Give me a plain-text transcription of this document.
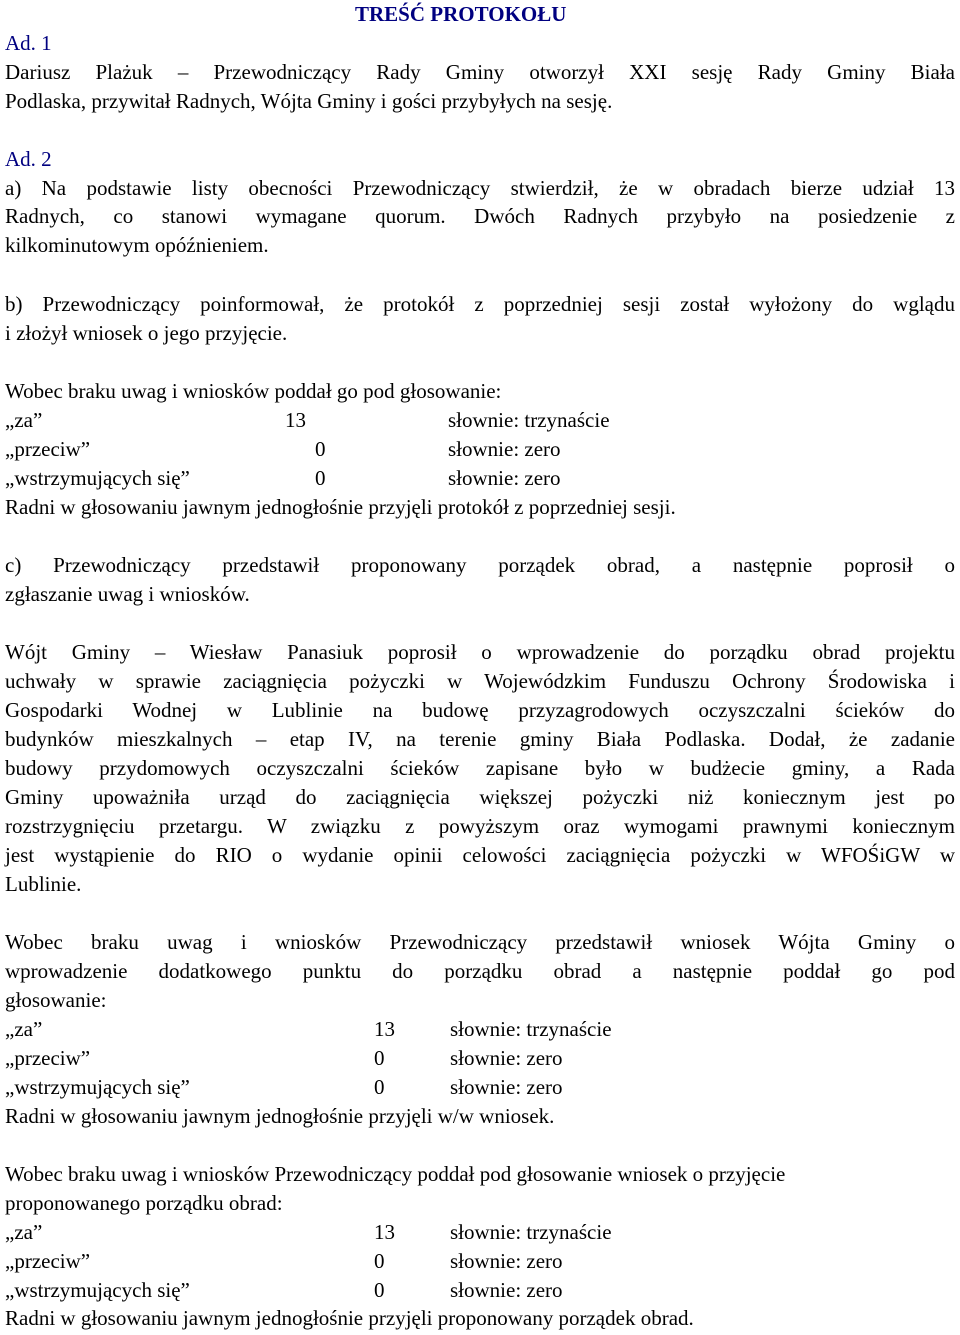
TREŚĆ PROTOKOŁU
Ad. 1
Dariusz Plażuk – Przewodniczący Rady Gminy otworzył XXI sesję Rady Gminy Biała
Podlaska, przywitał Radnych, Wójta Gminy i gości przybyłych na sesję.
Ad. 2
a) Na podstawie listy obecności Przewodniczący stwierdził, że w obradach bierze udział 13
Radnych, co stanowi wymagane quorum. Dwóch Radnych przybyło na posiedzenie z
kilkominutowym opóźnieniem.
b) Przewodniczący poinformował, że protokół z poprzedniej sesji został wyłożony do wglądu
i złożył wniosek o jego przyjęcie.
Wobec braku uwag i wniosków poddał go pod głosowanie:
„za”	13	słownie: trzynaście
„przeciw”	0	słownie: zero
„wstrzymujących się”	0	słownie: zero
Radni w głosowaniu jawnym jednogłośnie przyjęli protokół z poprzedniej sesji.
c) Przewodniczący przedstawił proponowany porządek obrad, a następnie poprosił o
zgłaszanie uwag i wniosków.
Wójt Gminy – Wiesław Panasiuk poprosił o wprowadzenie do porządku obrad projektu
uchwały w sprawie zaciągnięcia pożyczki w Wojewódzkim Funduszu Ochrony Środowiska i
Gospodarki Wodnej w Lublinie na budowę przyzagrodowych oczyszczalni ścieków do
budynków mieszkalnych – etap IV, na terenie gminy Biała Podlaska. Dodał, że zadanie
budowy przydomowych oczyszczalni ścieków zapisane było w budżecie gminy, a Rada
Gminy upoważniła urząd do zaciągnięcia większej pożyczki niż koniecznym jest po
rozstrzygnięciu przetargu. W związku z powyższym oraz wymogami prawnymi koniecznym
jest wystąpienie do RIO o wydanie opinii celowości zaciągnięcia pożyczki w WFOŚiGW w
Lublinie.
Wobec braku uwag i wniosków Przewodniczący przedstawił wniosek Wójta Gminy o
wprowadzenie dodatkowego punktu do porządku obrad a następnie poddał go pod
głosowanie:
„za”	13	słownie: trzynaście
„przeciw”	0	słownie: zero
„wstrzymujących się”	0	słownie: zero
Radni w głosowaniu jawnym jednogłośnie przyjęli w/w wniosek.
Wobec braku uwag i wniosków Przewodniczący poddał pod głosowanie wniosek o przyjęcie
proponowanego porządku obrad:
„za”	13	słownie: trzynaście
„przeciw”	0	słownie: zero
„wstrzymujących się”	0	słownie: zero
Radni w głosowaniu jawnym jednogłośnie przyjęli proponowany porządek obrad.
